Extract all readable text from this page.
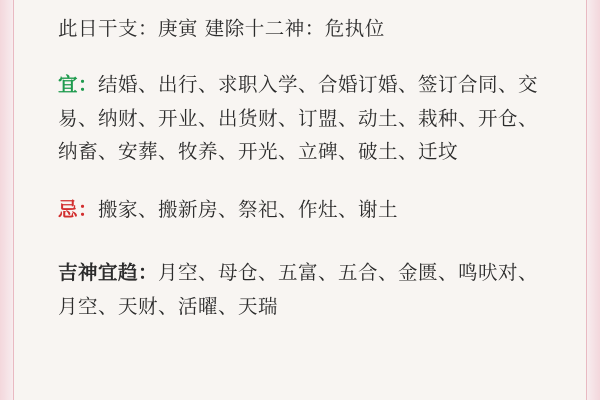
此日干支：庚寅 建除十二神：危执位
宜：结婚、出行、求职入学、合婚订婚、签订合同、交易、纳财、开业、出货财、订盟、动土、栽种、开仓、纳畜、安葬、牧养、开光、立碑、破土、迁坟
忌：搬家、搬新房、祭祀、作灶、谢土
吉神宜趋：月空、母仓、五富、五合、金匮、鸣吠对、月空、天财、活曜、天瑞
